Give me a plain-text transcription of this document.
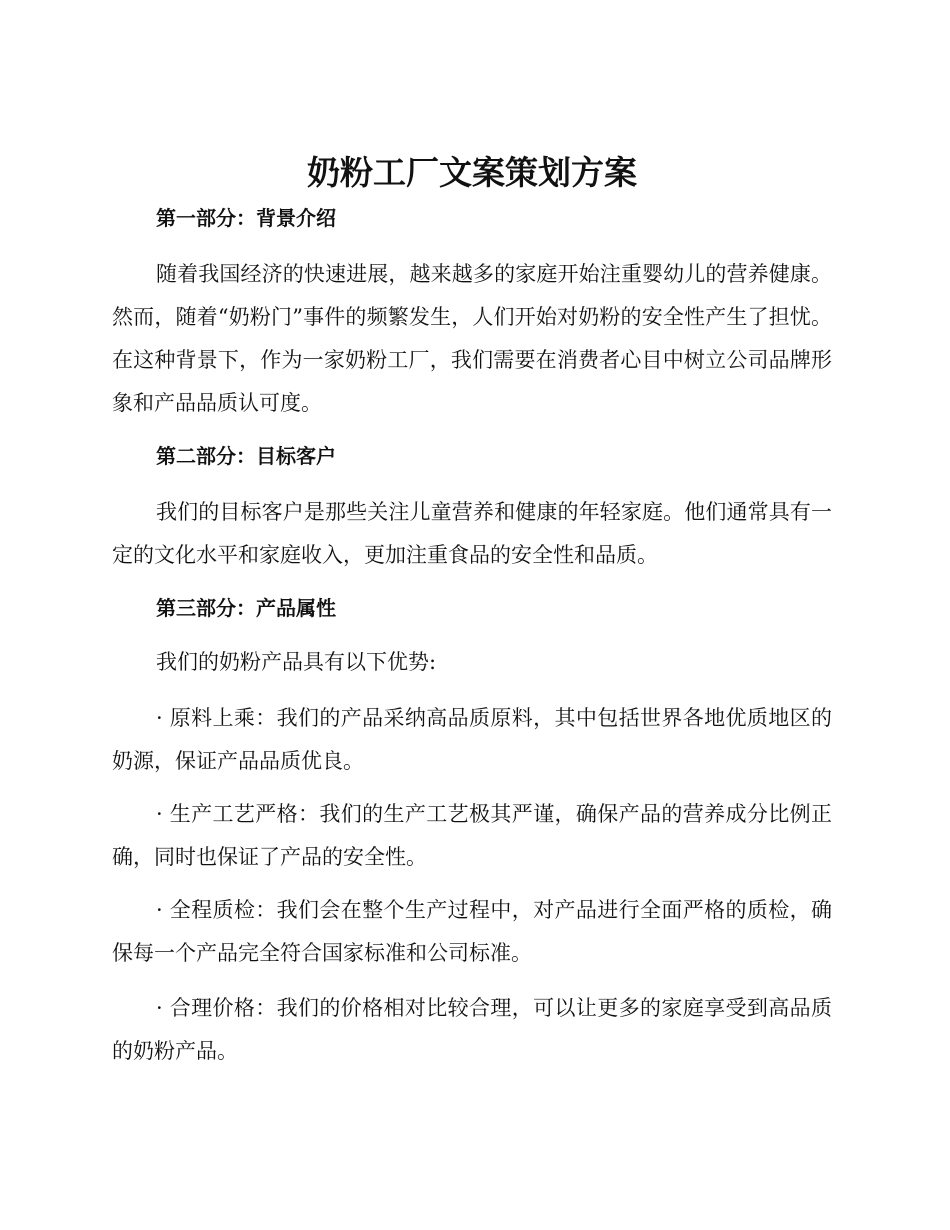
奶粉工厂文案策划方案
第一部分：背景介绍

随着我国经济的快速进展，越来越多的家庭开始注重婴幼儿的营养健康。然而，随着“奶粉门”事件的频繁发生，人们开始对奶粉的安全性产生了担忧。在这种背景下，作为一家奶粉工厂，我们需要在消费者心目中树立公司品牌形象和产品品质认可度。

第二部分：目标客户

我们的目标客户是那些关注儿童营养和健康的年轻家庭。他们通常具有一定的文化水平和家庭收入，更加注重食品的安全性和品质。

第三部分：产品属性

我们的奶粉产品具有以下优势:

· 原料上乘：我们的产品采纳高品质原料，其中包括世界各地优质地区的奶源，保证产品品质优良。

· 生产工艺严格：我们的生产工艺极其严谨，确保产品的营养成分比例正确，同时也保证了产品的安全性。

· 全程质检：我们会在整个生产过程中，对产品进行全面严格的质检，确保每一个产品完全符合国家标准和公司标准。

· 合理价格：我们的价格相对比较合理，可以让更多的家庭享受到高品质的奶粉产品。
